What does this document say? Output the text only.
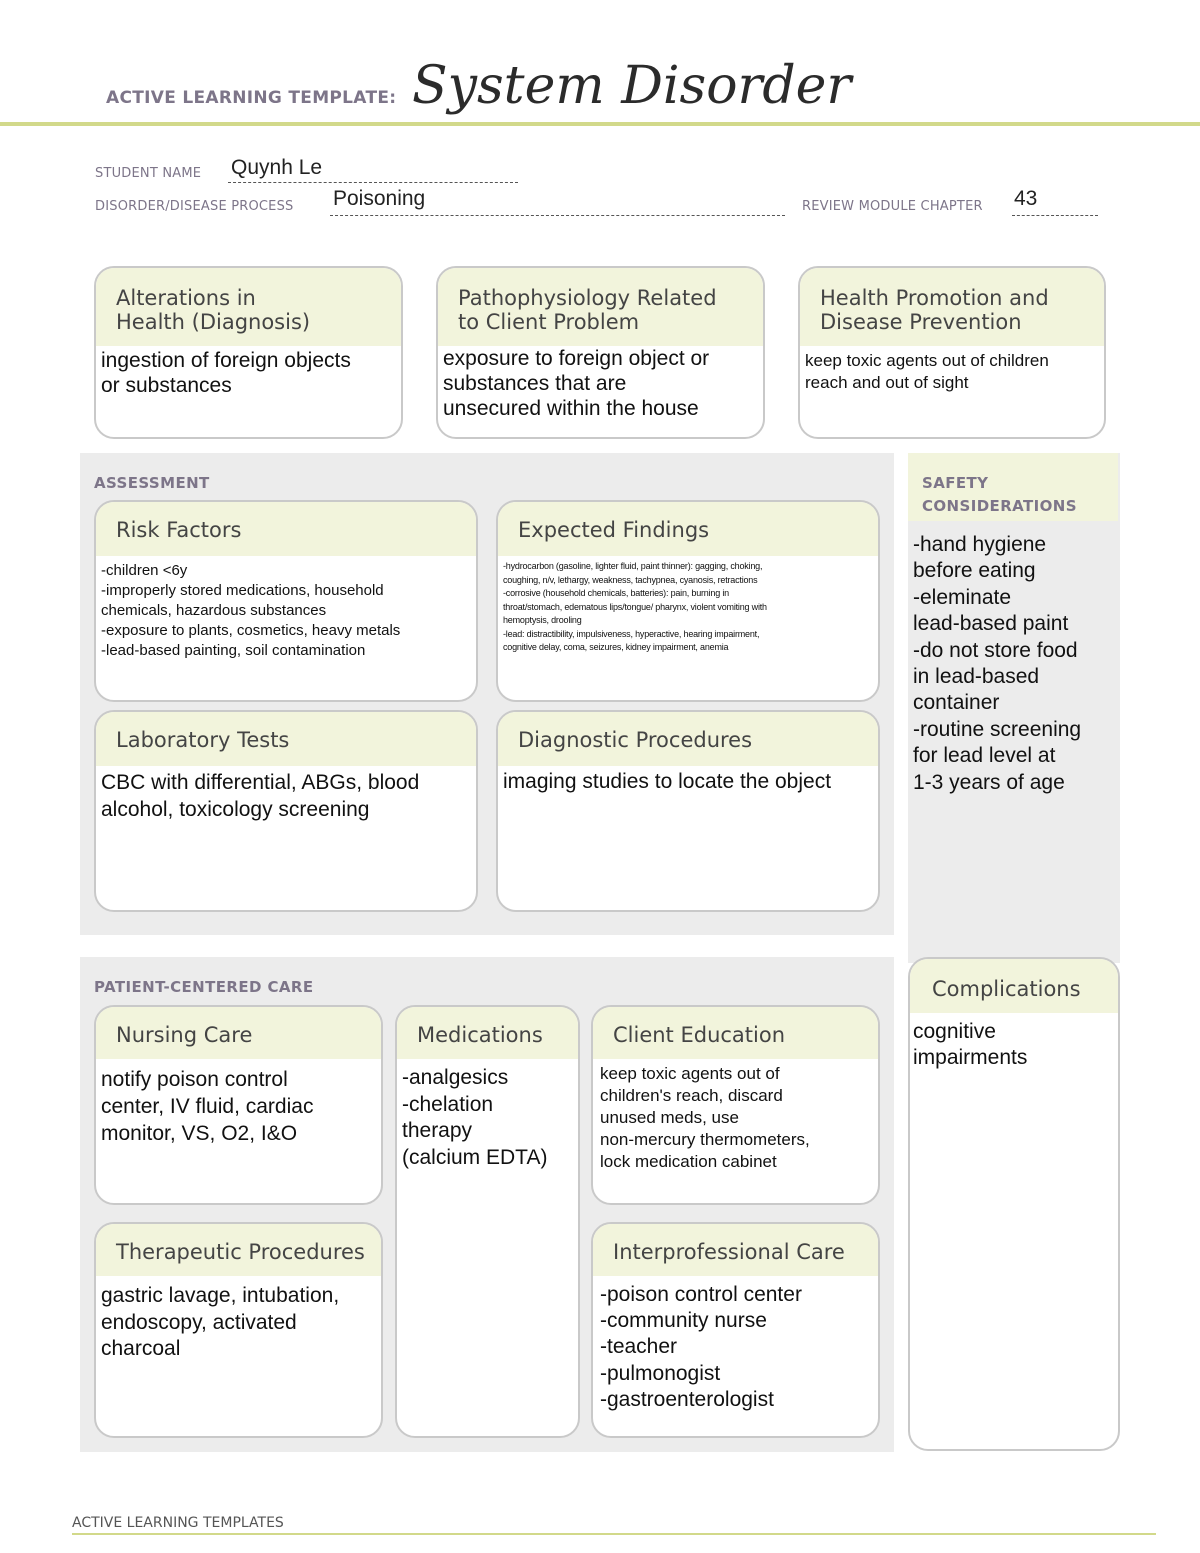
ACTIVE LEARNING TEMPLATE: System Disorder
STUDENT NAME Quynh Le
DISORDER/DISEASE PROCESS Poisoning	REVIEW MODULE CHAPTER 43
Alterations in
Health (Diagnosis)
ingestion of foreign objects
or substances
Pathophysiology Related
to Client Problem
exposure to foreign object or
substances that are
unsecured within the house
Health Promotion and
Disease Prevention
keep toxic agents out of children
reach and out of sight
ASSESSMENT
Risk Factors
-children <6y
-improperly stored medications, household
chemicals, hazardous substances
-exposure to plants, cosmetics, heavy metals
-lead-based painting, soil contamination
Expected Findings
-hydrocarbon (gasoline, lighter fluid, paint thinner): gagging, choking,
coughing, n/v, lethargy, weakness, tachypnea, cyanosis, retractions
-corrosive (household chemicals, batteries): pain, burning in
throat/stomach, edematous lips/tongue/ pharynx, violent vomiting with
hemoptysis, drooling
-lead: distractibility, impulsiveness, hyperactive, hearing impairment,
cognitive delay, coma, seizures, kidney impairment, anemia
Laboratory Tests
CBC with differential, ABGs, blood
alcohol, toxicology screening
Diagnostic Procedures
imaging studies to locate the object
SAFETY
CONSIDERATIONS
-hand hygiene
before eating
-eleminate
lead-based paint
-do not store food
in lead-based
container
-routine screening
for lead level at
1-3 years of age
PATIENT-CENTERED CARE
Nursing Care
notify poison control
center, IV fluid, cardiac
monitor, VS, O2, I&O
Medications
-analgesics
-chelation
therapy
(calcium EDTA)
Client Education
keep toxic agents out of
children's reach, discard
unused meds, use
non-mercury thermometers,
lock medication cabinet
Therapeutic Procedures
gastric lavage, intubation,
endoscopy, activated
charcoal
Interprofessional Care
-poison control center
-community nurse
-teacher
-pulmonogist
-gastroenterologist
Complications
cognitive
impairments
ACTIVE LEARNING TEMPLATES
